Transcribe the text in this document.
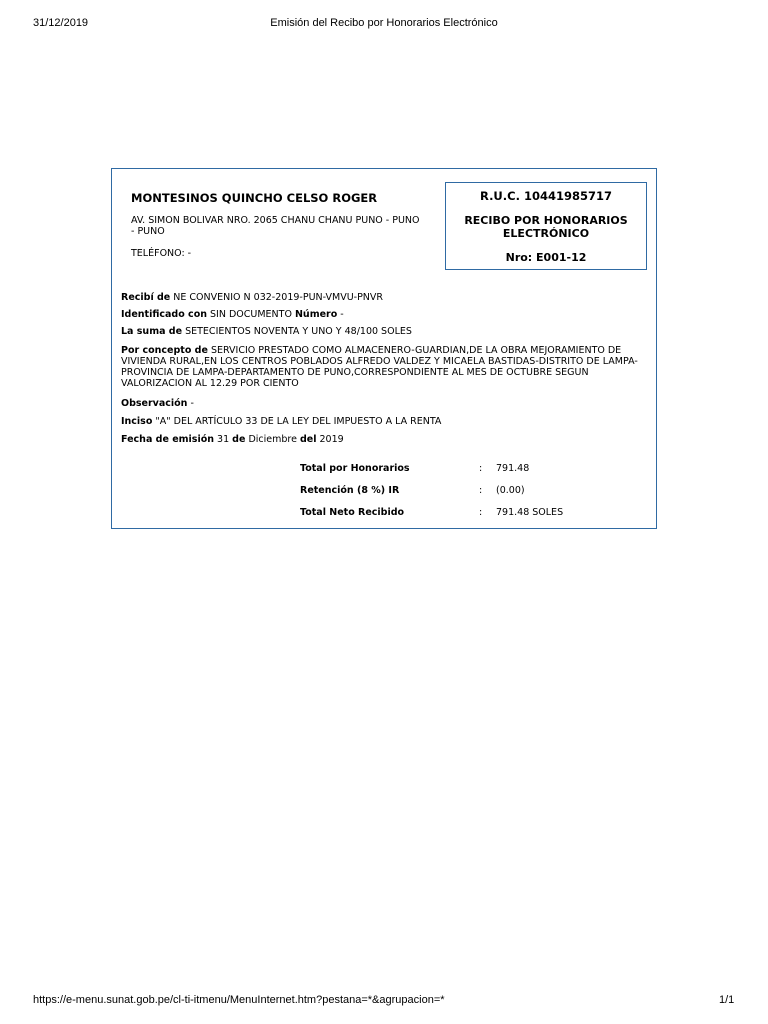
31/12/2019	Emisión del Recibo por Honorarios Electrónico
MONTESINOS QUINCHO CELSO ROGER
AV. SIMON BOLIVAR NRO. 2065 CHANU CHANU PUNO - PUNO - PUNO
TELÉFONO: -
R.U.C. 10441985717
RECIBO POR HONORARIOS ELECTRÓNICO
Nro: E001-12
Recibí de NE CONVENIO N 032-2019-PUN-VMVU-PNVR
Identificado con SIN DOCUMENTO Número -
La suma de SETECIENTOS NOVENTA Y UNO Y 48/100 SOLES
Por concepto de SERVICIO PRESTADO COMO ALMACENERO-GUARDIAN,DE LA OBRA MEJORAMIENTO DE VIVIENDA RURAL,EN LOS CENTROS POBLADOS ALFREDO VALDEZ Y MICAELA BASTIDAS-DISTRITO DE LAMPA-PROVINCIA DE LAMPA-DEPARTAMENTO DE PUNO,CORRESPONDIENTE AL MES DE OCTUBRE SEGUN VALORIZACION AL 12.29 POR CIENTO
Observación -
Inciso "A" DEL ARTÍCULO 33 DE LA LEY DEL IMPUESTO A LA RENTA
Fecha de emisión 31 de Diciembre del 2019
Total por Honorarios	: 791.48
Retención (8 %) IR	: (0.00)
Total Neto Recibido	: 791.48 SOLES
https://e-menu.sunat.gob.pe/cl-ti-itmenu/MenuInternet.htm?pestana=*&agrupacion=*	1/1
